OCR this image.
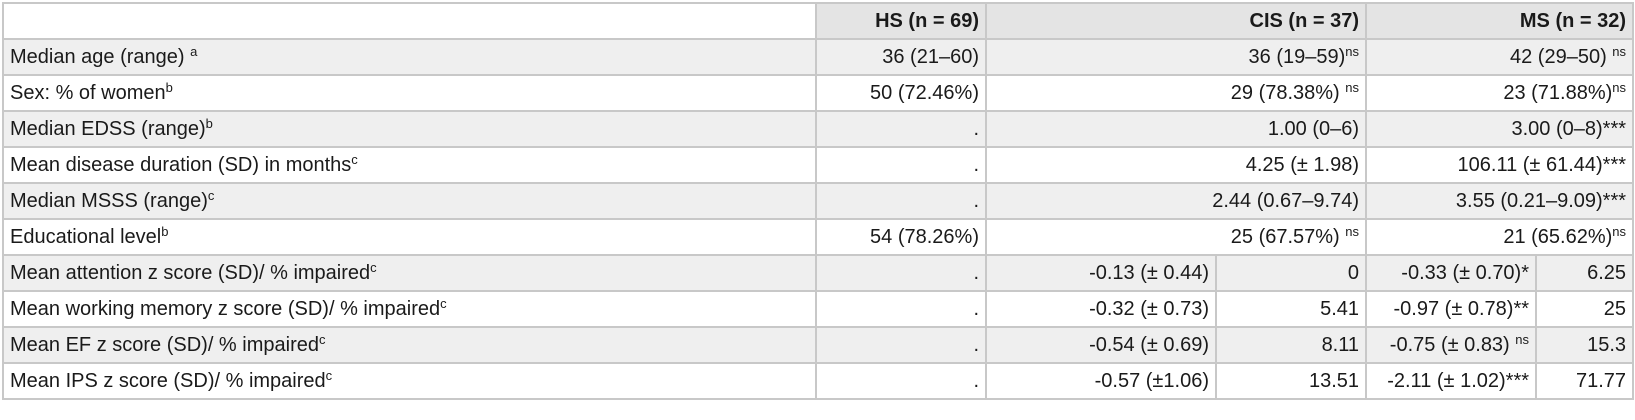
	HS (n = 69)	CIS (n = 37)		MS (n = 32)	
Median age (range) $^a$	36 (21–60)	36 $(19-59)^{ns}$		42 (29–50) $^{ns}$
Sex: % of women$^b$	50 (72.46%)	29 (78.38%) $^{ns}$		23 $(71.88\%)^{ns}$
Median EDSS (range)$^b$	.	1.00 (0–6)		3.00 (0–8)***	
Mean disease duration (SD) in months$^c$	.	4.25 (± 1.98)		106.11 (± 61.44)***	
Median MSSS (range)$^c$	.	2.44 (0.67–9.74)		3.55 (0.21–9.09)***	
Educational level$^b$	54 (78.26%)	25 (67.57%) $^{ns}$		21 $(65.62\%)^{ns}$
Mean attention z score (SD)/ % impaired$^c$	.	-0.13 (± 0.44)	0	-0.33 (± 0.70)*	6.25
Mean working memory z score (SD)/ % impaired$^c$	.	-0.32 (± 0.73)	5.41	-0.97 (± 0.78)**	25
Mean EF z score (SD)/ % impaired$^c$	.	-0.54 (± 0.69)	8.11	-0.75 (± 0.83) $^{ns}$	15.3
Mean IPS z score (SD)/ % impaired$^c$	.	-0.57 (±1.06)	13.51	-2.11 (± 1.02)***	71.77
